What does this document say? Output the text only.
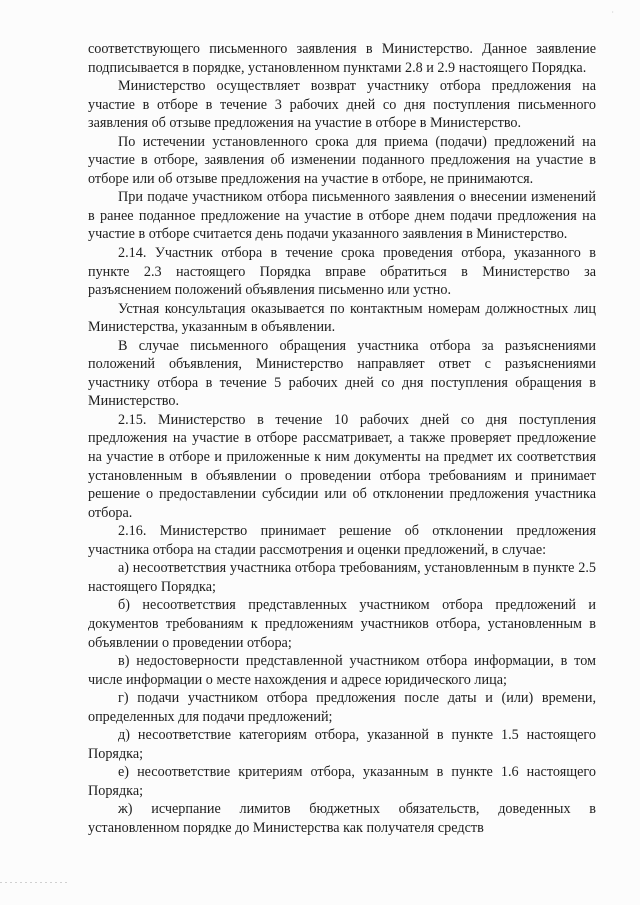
·

соответствующего письменного заявления в Министерство. Данное заявление подписывается в порядке, установленном пунктами 2.8 и 2.9 настоящего Порядка.

Министерство осуществляет возврат участнику отбора предложения на участие в отборе в течение 3 рабочих дней со дня поступления письменного заявления об отзыве предложения на участие в отборе в Министерство.

По истечении установленного срока для приема (подачи) предложений на участие в отборе, заявления об изменении поданного предложения на участие в отборе или об отзыве предложения на участие в отборе, не принимаются.

При подаче участником отбора письменного заявления о внесении изменений в ранее поданное предложение на участие в отборе днем подачи предложения на участие в отборе считается день подачи указанного заявления в Министерство.

2.14. Участник отбора в течение срока проведения отбора, указанного в пункте 2.3 настоящего Порядка вправе обратиться в Министерство за разъяснением положений объявления письменно или устно.

Устная консультация оказывается по контактным номерам должностных лиц Министерства, указанным в объявлении.

В случае письменного обращения участника отбора за разъяснениями положений объявления, Министерство направляет ответ с разъяснениями участнику отбора в течение 5 рабочих дней со дня поступления обращения в Министерство.

2.15. Министерство в течение 10 рабочих дней со дня поступления предложения на участие в отборе рассматривает, а также проверяет предложение на участие в отборе и приложенные к ним документы на предмет их соответствия установленным в объявлении о проведении отбора требованиям и принимает решение о предоставлении субсидии или об отклонении предложения участника отбора.

2.16. Министерство принимает решение об отклонении предложения участника отбора на стадии рассмотрения и оценки предложений, в случае:

а) несоответствия участника отбора требованиям, установленным в пункте 2.5 настоящего Порядка;

б) несоответствия представленных участником отбора предложений и документов требованиям к предложениям участников отбора, установленным в объявлении о проведении отбора;

в) недостоверности представленной участником отбора информации, в том числе информации о месте нахождения и адресе юридического лица;

г) подачи участником отбора предложения после даты и (или) времени, определенных для подачи предложений;

д) несоответствие категориям отбора, указанной в пункте 1.5 настоящего Порядка;

е) несоответствие критериям отбора, указанным в пункте 1.6 настоящего Порядка;

ж) исчерпание лимитов бюджетных обязательств, доведенных в установленном порядке до Министерства как получателя средств
